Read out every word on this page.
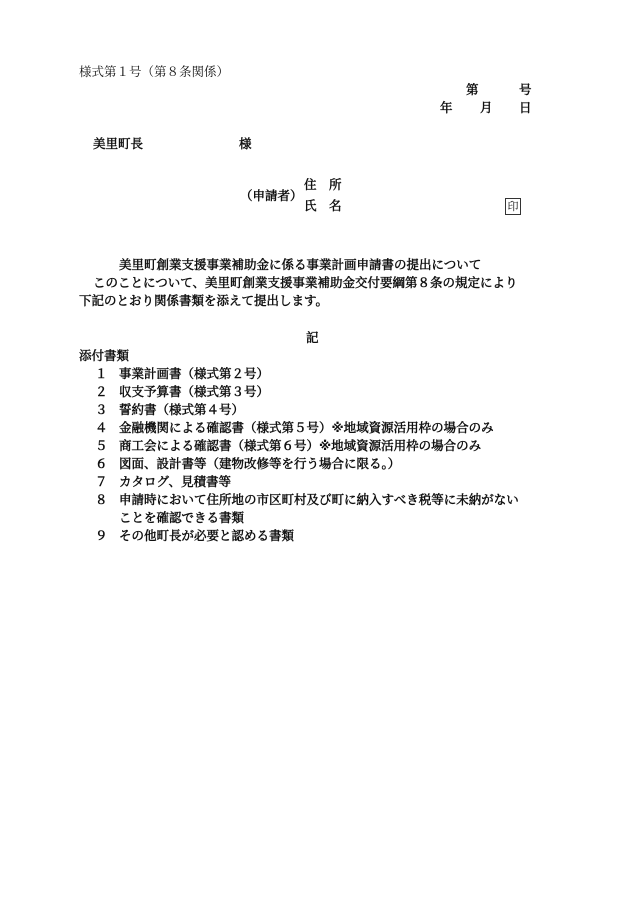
様式第１号（第８条関係）
第	号
年 月 日
美里町長	様
（申請者）
住　所
氏　名	印
美里町創業支援事業補助金に係る事業計画申請書の提出について
このことについて、美里町創業支援事業補助金交付要綱第８条の規定により
下記のとおり関係書類を添えて提出します。
記
添付書類
１ 事業計画書（様式第２号）
２ 収支予算書（様式第３号）
３ 誓約書（様式第４号）
４ 金融機関による確認書（様式第５号）※地域資源活用枠の場合のみ
５ 商工会による確認書（様式第６号）※地域資源活用枠の場合のみ
６ 図面、設計書等（建物改修等を行う場合に限る。）
７ カタログ、見積書等
８ 申請時において住所地の市区町村及び町に納入すべき税等に未納がない
ことを確認できる書類
９ その他町長が必要と認める書類
